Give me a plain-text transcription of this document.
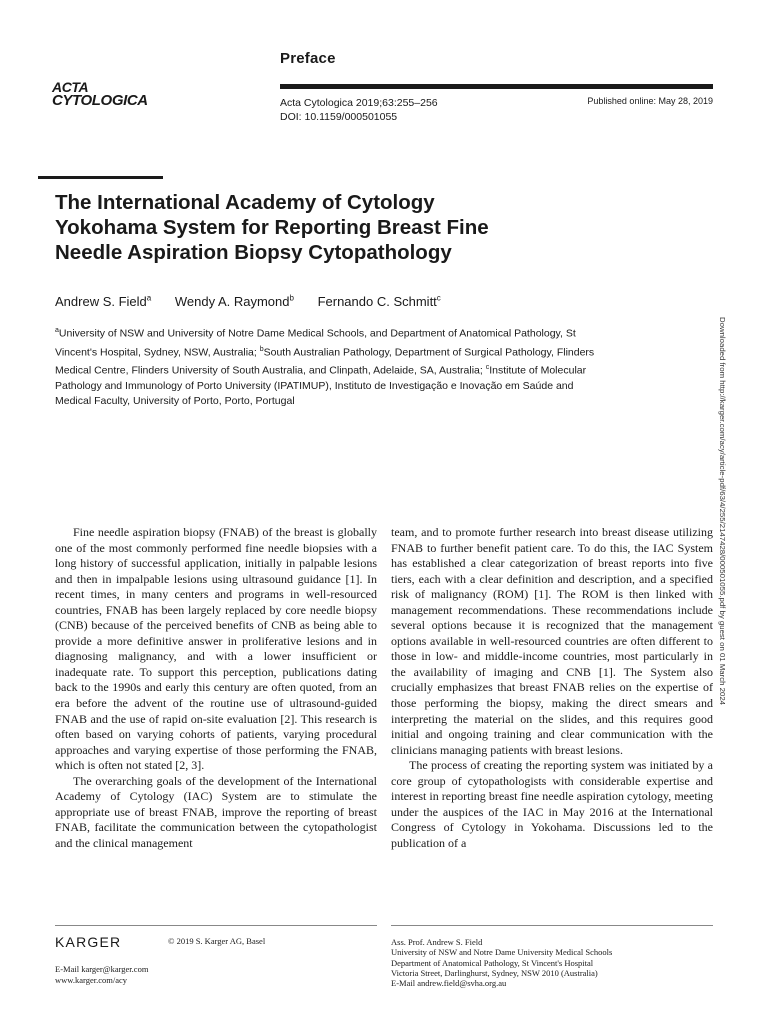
Preface
ACTA
CYTOLOGICA	Acta Cytologica 2019;63:255–256
DOI: 10.1159/000501055
Published online: May 28, 2019
The International Academy of Cytology
Yokohama System for Reporting Breast Fine
Needle Aspiration Biopsy Cytopathology
Andrew S. Field$^a$ Wendy A. Raymond$^b$ Fernando C. Schmitt$^c$
$^a$University of NSW and University of Notre Dame Medical Schools, and Department of Anatomical Pathology, St Vincent's Hospital, Sydney, NSW, Australia; $^b$South Australian Pathology, Department of Surgical Pathology, Flinders Medical Centre, Flinders University of South Australia, and Clinpath, Adelaide, SA, Australia; $^c$Institute of Molecular Pathology and Immunology of Porto University (IPATIMUP), Instituto de Investigação e Inovação em Saúde and Medical Faculty, University of Porto, Porto, Portugal	Downloaded from http://karger.com/acy/article-pdf/63/4/255/2147428/000501055.pdf by guest on 01 March 2024

Fine needle aspiration biopsy (FNAB) of the breast is globally one of the most commonly performed fine needle biopsies with a long history of successful application, initially in palpable lesions and then in impalpable lesions using ultrasound guidance [1]. In recent times, in many centers and programs in well-resourced countries, FNAB has been largely replaced by core needle biopsy (CNB) because of the perceived benefits of CNB as being able to provide a more definitive answer in proliferative lesions and in diagnosing malignancy, and with a lower insufficient or inadequate rate. To support this perception, publications dating back to the 1990s and early this century are often quoted, from an era before the advent of the routine use of ultrasound-guided FNAB and the use of rapid on-site evaluation [2]. This research is often based on varying cohorts of patients, varying procedural approaches and varying expertise of those performing the FNAB, which is often not stated [2, 3].

The overarching goals of the development of the International Academy of Cytology (IAC) System are to stimulate the appropriate use of breast FNAB, improve the reporting of breast FNAB, facilitate the communication between the cytopathologist and the clinical management

team, and to promote further research into breast disease utilizing FNAB to further benefit patient care. To do this, the IAC System has established a clear categorization of breast reports into five tiers, each with a clear definition and description, and a specified risk of malignancy (ROM) [1]. The ROM is then linked with management recommendations. These recommendations include several options because it is recognized that the management options available in well-resourced countries are often different to those in low- and middle-income countries, most particularly in the availability of imaging and CNB [1]. The System also crucially emphasizes that breast FNAB relies on the expertise of those performing the biopsy, making the direct smears and interpreting the material on the slides, and this requires good initial and ongoing training and clear communication with the clinicians managing patients with breast lesions.

The process of creating the reporting system was initiated by a core group of cytopathologists with considerable expertise and interest in reporting breast fine needle aspiration cytology, meeting under the auspices of the IAC in May 2016 at the International Congress of Cytology in Yokohama. Discussions led to the publication of a

KARGER	© 2019 S. Karger AG, Basel
E-Mail karger@karger.com
www.karger.com/acy
Ass. Prof. Andrew S. Field
University of NSW and Notre Dame University Medical Schools
Department of Anatomical Pathology, St Vincent's Hospital
Victoria Street, Darlinghurst, Sydney, NSW 2010 (Australia)
E-Mail andrew.field@svha.org.au
